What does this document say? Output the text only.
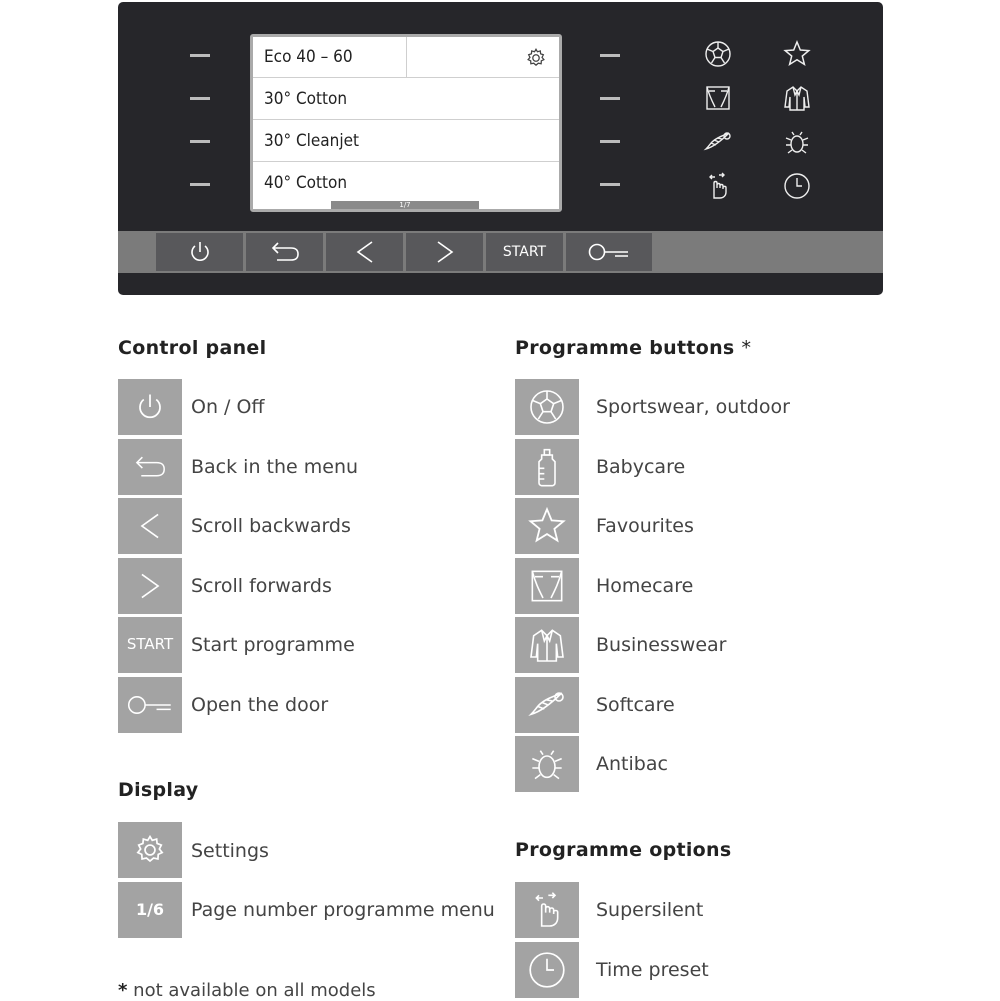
Eco 40 – 60
30° Cotton
30° Cleanjet
40° Cotton
1/7
START
Control panel
On / Off
Back in the menu
Scroll backwards
Scroll forwards
START Start programme
Open the door
Display
Settings
1/6	Page number programme menu
* not available on all models
Programme buttons *
Sportswear, outdoor
Babycare
Favourites
Homecare
Businesswear
Softcare
Antibac
Programme options
Supersilent
Time preset
